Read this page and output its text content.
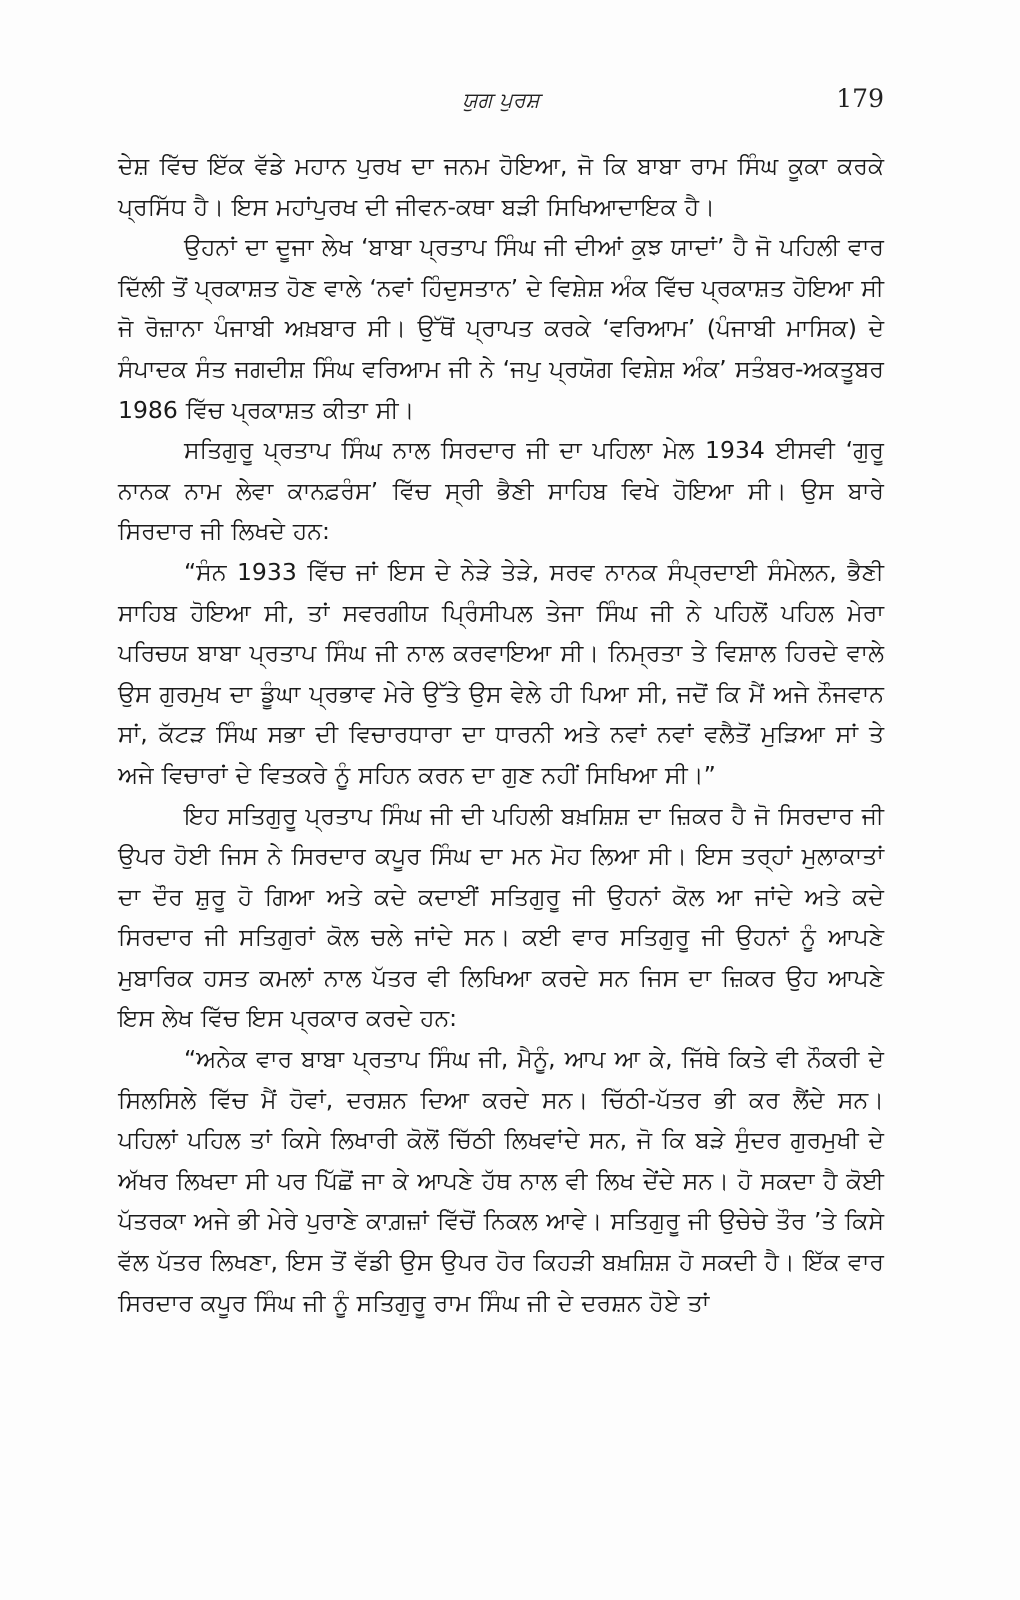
ਯੁਗ ਪੁਰਸ਼	179

ਦੇਸ਼ ਵਿੱਚ ਇੱਕ ਵੱਡੇ ਮਹਾਨ ਪੁਰਖ ਦਾ ਜਨਮ ਹੋਇਆ, ਜੋ ਕਿ ਬਾਬਾ ਰਾਮ ਸਿੰਘ ਕੂਕਾ ਕਰਕੇ ਪ੍ਰਸਿੱਧ ਹੈ। ਇਸ ਮਹਾਂਪੁਰਖ ਦੀ ਜੀਵਨ-ਕਥਾ ਬੜੀ ਸਿਖਿਆਦਾਇਕ ਹੈ।

ਉਹਨਾਂ ਦਾ ਦੂਜਾ ਲੇਖ ‘ਬਾਬਾ ਪ੍ਰਤਾਪ ਸਿੰਘ ਜੀ ਦੀਆਂ ਕੁਝ ਯਾਦਾਂ’ ਹੈ ਜੋ ਪਹਿਲੀ ਵਾਰ ਦਿੱਲੀ ਤੋਂ ਪ੍ਰਕਾਸ਼ਤ ਹੋਣ ਵਾਲੇ ‘ਨਵਾਂ ਹਿੰਦੁਸਤਾਨ’ ਦੇ ਵਿਸ਼ੇਸ਼ ਅੰਕ ਵਿੱਚ ਪ੍ਰਕਾਸ਼ਤ ਹੋਇਆ ਸੀ ਜੋ ਰੋਜ਼ਾਨਾ ਪੰਜਾਬੀ ਅਖ਼ਬਾਰ ਸੀ। ਉੱਥੋਂ ਪ੍ਰਾਪਤ ਕਰਕੇ ‘ਵਰਿਆਮ’ (ਪੰਜਾਬੀ ਮਾਸਿਕ) ਦੇ ਸੰਪਾਦਕ ਸੰਤ ਜਗਦੀਸ਼ ਸਿੰਘ ਵਰਿਆਮ ਜੀ ਨੇ ‘ਜਪੁ ਪ੍ਰਯੋਗ ਵਿਸ਼ੇਸ਼ ਅੰਕ’ ਸਤੰਬਰ-ਅਕਤੂਬਰ 1986 ਵਿੱਚ ਪ੍ਰਕਾਸ਼ਤ ਕੀਤਾ ਸੀ।

ਸਤਿਗੁਰੂ ਪ੍ਰਤਾਪ ਸਿੰਘ ਨਾਲ ਸਿਰਦਾਰ ਜੀ ਦਾ ਪਹਿਲਾ ਮੇਲ 1934 ਈਸਵੀ ‘ਗੁਰੂ ਨਾਨਕ ਨਾਮ ਲੇਵਾ ਕਾਨਫ਼ਰੰਸ’ ਵਿੱਚ ਸ੍ਰੀ ਭੈਣੀ ਸਾਹਿਬ ਵਿਖੇ ਹੋਇਆ ਸੀ। ਉਸ ਬਾਰੇ ਸਿਰਦਾਰ ਜੀ ਲਿਖਦੇ ਹਨ:

“ਸੰਨ 1933 ਵਿੱਚ ਜਾਂ ਇਸ ਦੇ ਨੇੜੇ ਤੇੜੇ, ਸਰਵ ਨਾਨਕ ਸੰਪ੍ਰਦਾਈ ਸੰਮੇਲਨ, ਭੈਣੀ ਸਾਹਿਬ ਹੋਇਆ ਸੀ, ਤਾਂ ਸਵਰਗੀਯ ਪ੍ਰਿੰਸੀਪਲ ਤੇਜਾ ਸਿੰਘ ਜੀ ਨੇ ਪਹਿਲੋਂ ਪਹਿਲ ਮੇਰਾ ਪਰਿਚਯ ਬਾਬਾ ਪ੍ਰਤਾਪ ਸਿੰਘ ਜੀ ਨਾਲ ਕਰਵਾਇਆ ਸੀ। ਨਿਮ੍ਰਤਾ ਤੇ ਵਿਸ਼ਾਲ ਹਿਰਦੇ ਵਾਲੇ ਉਸ ਗੁਰਮੁਖ ਦਾ ਡੂੰਘਾ ਪ੍ਰਭਾਵ ਮੇਰੇ ਉੱਤੇ ਉਸ ਵੇਲੇ ਹੀ ਪਿਆ ਸੀ, ਜਦੋਂ ਕਿ ਮੈਂ ਅਜੇ ਨੌਜਵਾਨ ਸਾਂ, ਕੱਟੜ ਸਿੰਘ ਸਭਾ ਦੀ ਵਿਚਾਰਧਾਰਾ ਦਾ ਧਾਰਨੀ ਅਤੇ ਨਵਾਂ ਨਵਾਂ ਵਲੈਤੋਂ ਮੁੜਿਆ ਸਾਂ ਤੇ ਅਜੇ ਵਿਚਾਰਾਂ ਦੇ ਵਿਤਕਰੇ ਨੂੰ ਸਹਿਨ ਕਰਨ ਦਾ ਗੁਣ ਨਹੀਂ ਸਿਖਿਆ ਸੀ।”

ਇਹ ਸਤਿਗੁਰੂ ਪ੍ਰਤਾਪ ਸਿੰਘ ਜੀ ਦੀ ਪਹਿਲੀ ਬਖ਼ਸ਼ਿਸ਼ ਦਾ ਜ਼ਿਕਰ ਹੈ ਜੋ ਸਿਰਦਾਰ ਜੀ ਉਪਰ ਹੋਈ ਜਿਸ ਨੇ ਸਿਰਦਾਰ ਕਪੂਰ ਸਿੰਘ ਦਾ ਮਨ ਮੋਹ ਲਿਆ ਸੀ। ਇਸ ਤਰ੍ਹਾਂ ਮੁਲਾਕਾਤਾਂ ਦਾ ਦੌਰ ਸ਼ੁਰੂ ਹੋ ਗਿਆ ਅਤੇ ਕਦੇ ਕਦਾਈਂ ਸਤਿਗੁਰੂ ਜੀ ਉਹਨਾਂ ਕੋਲ ਆ ਜਾਂਦੇ ਅਤੇ ਕਦੇ ਸਿਰਦਾਰ ਜੀ ਸਤਿਗੁਰਾਂ ਕੋਲ ਚਲੇ ਜਾਂਦੇ ਸਨ। ਕਈ ਵਾਰ ਸਤਿਗੁਰੂ ਜੀ ਉਹਨਾਂ ਨੂੰ ਆਪਣੇ ਮੁਬਾਰਿਕ ਹਸਤ ਕਮਲਾਂ ਨਾਲ ਪੱਤਰ ਵੀ ਲਿਖਿਆ ਕਰਦੇ ਸਨ ਜਿਸ ਦਾ ਜ਼ਿਕਰ ਉਹ ਆਪਣੇ ਇਸ ਲੇਖ ਵਿੱਚ ਇਸ ਪ੍ਰਕਾਰ ਕਰਦੇ ਹਨ:

“ਅਨੇਕ ਵਾਰ ਬਾਬਾ ਪ੍ਰਤਾਪ ਸਿੰਘ ਜੀ, ਮੈਨੂੰ, ਆਪ ਆ ਕੇ, ਜਿੱਥੇ ਕਿਤੇ ਵੀ ਨੌਕਰੀ ਦੇ ਸਿਲਸਿਲੇ ਵਿੱਚ ਮੈਂ ਹੋਵਾਂ, ਦਰਸ਼ਨ ਦਿਆ ਕਰਦੇ ਸਨ। ਚਿੱਠੀ-ਪੱਤਰ ਭੀ ਕਰ ਲੈਂਦੇ ਸਨ। ਪਹਿਲਾਂ ਪਹਿਲ ਤਾਂ ਕਿਸੇ ਲਿਖਾਰੀ ਕੋਲੋਂ ਚਿੱਠੀ ਲਿਖਵਾਂਦੇ ਸਨ, ਜੋ ਕਿ ਬੜੇ ਸੁੰਦਰ ਗੁਰਮੁਖੀ ਦੇ ਅੱਖਰ ਲਿਖਦਾ ਸੀ ਪਰ ਪਿੱਛੋਂ ਜਾ ਕੇ ਆਪਣੇ ਹੱਥ ਨਾਲ ਵੀ ਲਿਖ ਦੇਂਦੇ ਸਨ। ਹੋ ਸਕਦਾ ਹੈ ਕੋਈ ਪੱਤਰਕਾ ਅਜੇ ਭੀ ਮੇਰੇ ਪੁਰਾਣੇ ਕਾਗ਼ਜ਼ਾਂ ਵਿੱਚੋਂ ਨਿਕਲ ਆਵੇ। ਸਤਿਗੁਰੂ ਜੀ ਉਚੇਚੇ ਤੌਰ ’ਤੇ ਕਿਸੇ ਵੱਲ ਪੱਤਰ ਲਿਖਣਾ, ਇਸ ਤੋਂ ਵੱਡੀ ਉਸ ਉਪਰ ਹੋਰ ਕਿਹੜੀ ਬਖ਼ਸ਼ਿਸ਼ ਹੋ ਸਕਦੀ ਹੈ। ਇੱਕ ਵਾਰ ਸਿਰਦਾਰ ਕਪੂਰ ਸਿੰਘ ਜੀ ਨੂੰ ਸਤਿਗੁਰੂ ਰਾਮ ਸਿੰਘ ਜੀ ਦੇ ਦਰਸ਼ਨ ਹੋਏ ਤਾਂ
